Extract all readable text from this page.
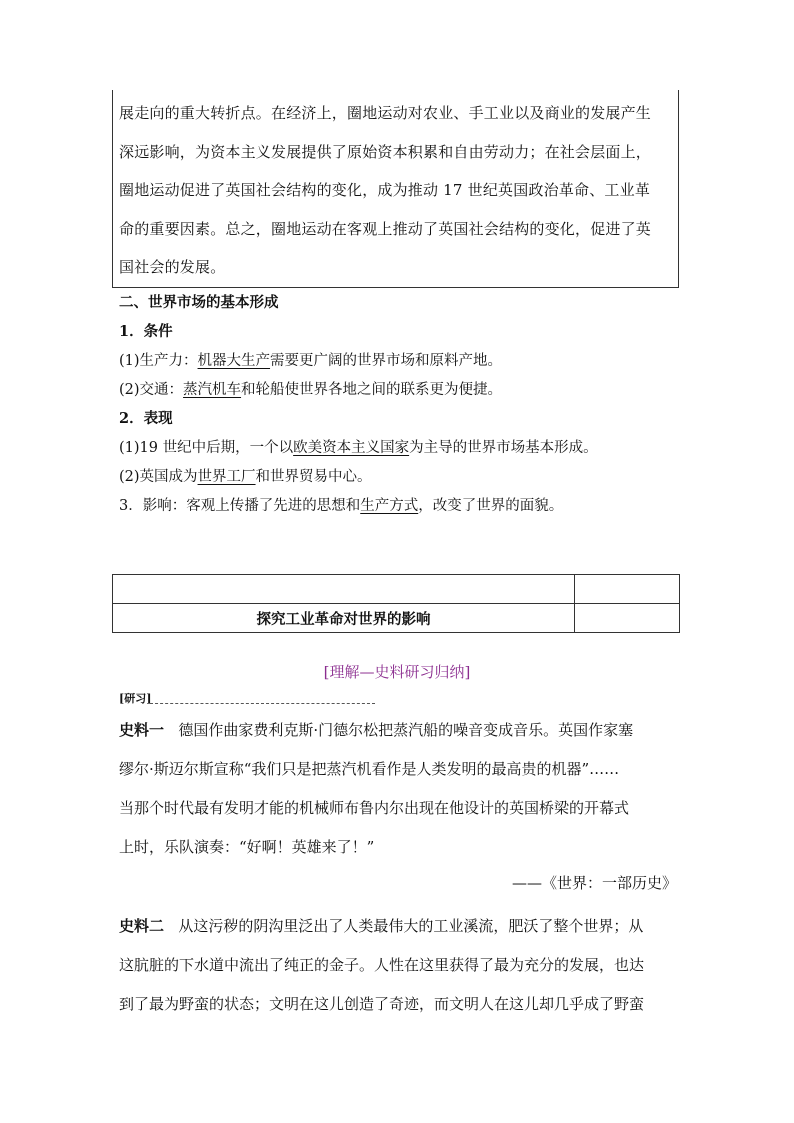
展走向的重大转折点。在经济上，圈地运动对农业、手工业以及商业的发展产生

深远影响，为资本主义发展提供了原始资本积累和自由劳动力；在社会层面上，

圈地运动促进了英国社会结构的变化，成为推动 17 世纪英国政治革命、工业革

命的重要因素。总之，圈地运动在客观上推动了英国社会结构的变化，促进了英

国社会的发展。

二、世界市场的基本形成
1．条件
(1)生产力：机器大生产需要更广阔的世界市场和原料产地。
(2)交通：蒸汽机车和轮船使世界各地之间的联系更为便捷。
2．表现
(1)19 世纪中后期，一个以欧美资本主义国家为主导的世界市场基本形成。
(2)英国成为世界工厂和世界贸易中心。
3．影响：客观上传播了先进的思想和生产方式，改变了世界的面貌。
探究工业革命对世界的影响
[理解—史料研习归纳]
[研习]
史料一 德国作曲家费利克斯·门德尔松把蒸汽船的噪音变成音乐。英国作家塞
缪尔·斯迈尔斯宣称“我们只是把蒸汽机看作是人类发明的最高贵的机器”……
当那个时代最有发明才能的机械师布鲁内尔出现在他设计的英国桥梁的开幕式
上时，乐队演奏：“好啊！英雄来了！”
——《世界：一部历史》
史料二 从这污秽的阴沟里泛出了人类最伟大的工业溪流，肥沃了整个世界；从
这肮脏的下水道中流出了纯正的金子。人性在这里获得了最为充分的发展，也达
到了最为野蛮的状态；文明在这儿创造了奇迹，而文明人在这儿却几乎成了野蛮
